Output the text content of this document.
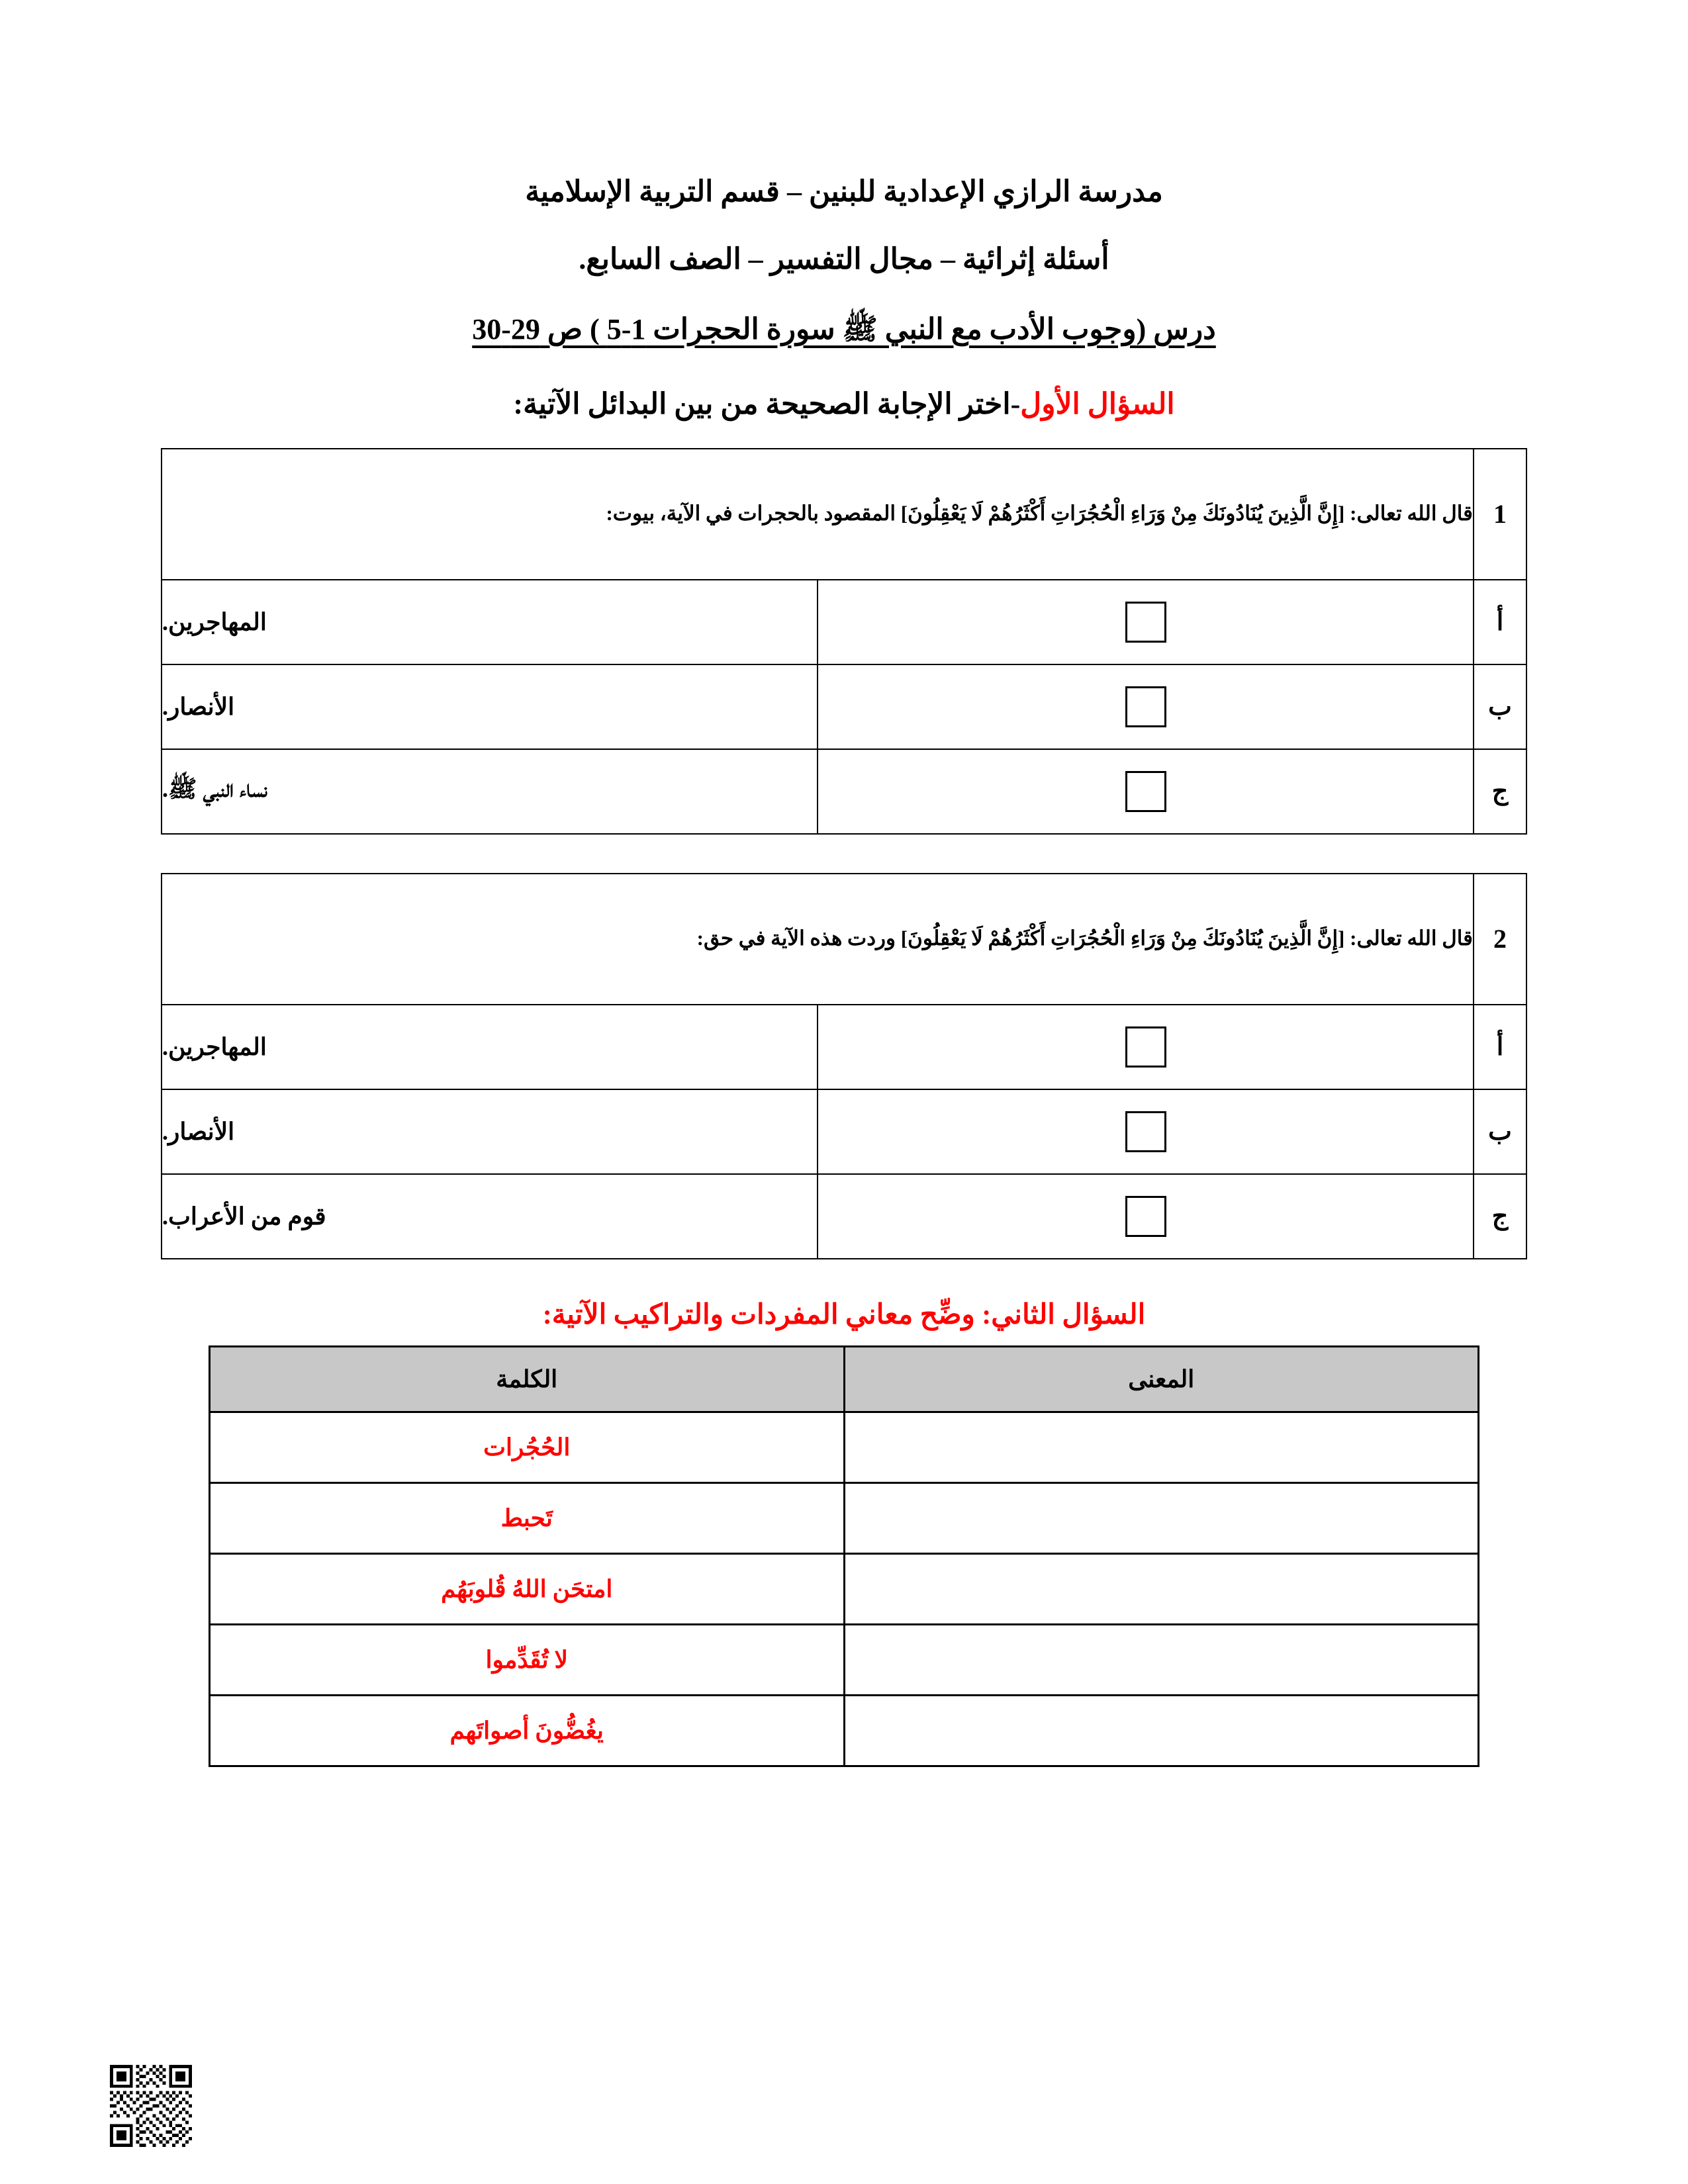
مدرسة الرازي الإعدادية للبنين – قسم التربية الإسلامية
أسئلة إثرائية – مجال التفسير – الصف السابع.
درس (وجوب الأدب مع النبي ﷺ سورة الحجرات 1-5 ) ص 29-30
السؤال الأول-اختر الإجابة الصحيحة من بين البدائل الآتية:
1	قال الله تعالى: [إِنَّ الَّذِينَ يُنَادُونَكَ مِنْ وَرَاءِ الْحُجُرَاتِ أَكْثَرُهُمْ لَا يَعْقِلُونَ] المقصود بالحجرات في الآية، بيوت:	
أ		المهاجرين.
ب		الأنصار.
ج		نساء النبي ﷺ.
2	قال الله تعالى: [إِنَّ الَّذِينَ يُنَادُونَكَ مِنْ وَرَاءِ الْحُجُرَاتِ أَكْثَرُهُمْ لَا يَعْقِلُونَ] وردت هذه الآية في حق:	
أ		المهاجرين.
ب		الأنصار.
ج		قوم من الأعراب.
السؤال الثاني: وضِّح معاني المفردات والتراكيب الآتية:
المعنى	الكلمة
	الحُجُرات
	تَحبط
	امتحَن اللهُ قُلوبَهُم
	لا تُقَدِّموا
	يغُضُّونَ أصواتَهم
